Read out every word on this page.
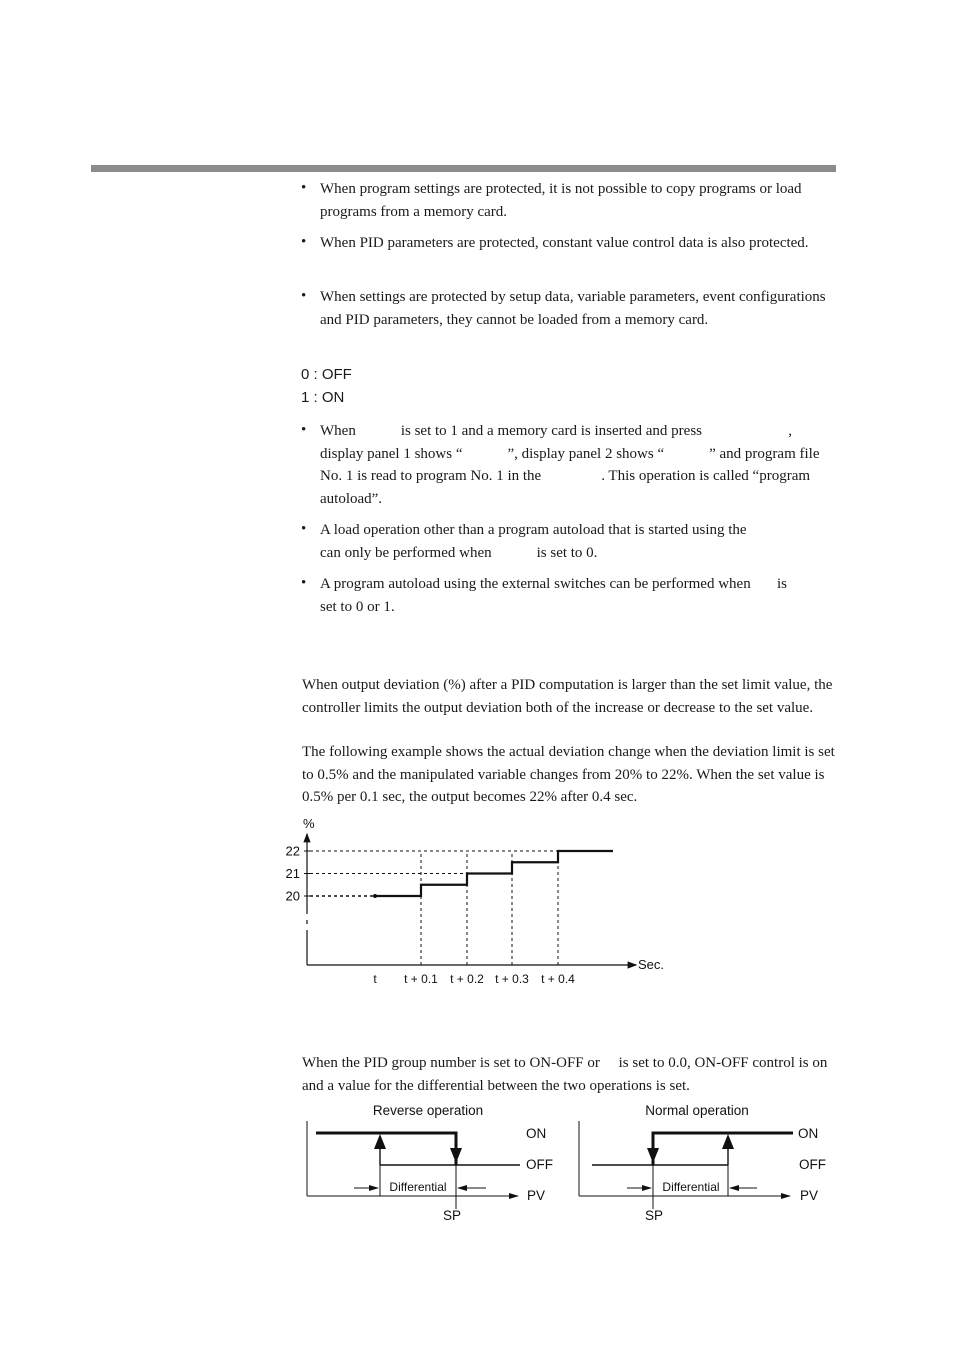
• When program settings are protected, it is not possible to copy programs or load programs from a memory card.
• When PID parameters are protected, constant value control data is also protected.
• When settings are protected by setup data, variable parameters, event configurations and PID parameters, they cannot be loaded from a memory card.
0 : OFF
1 : ON
• When            is set to 1 and a memory card is inserted and press                       , display panel 1 shows “            ”, display panel 2 shows “            ” and program file No. 1 is read to program No. 1 in the                . This operation is called “program autoload”.
• A load operation other than a program autoload that is started using the         can only be performed when            is set to 0.
• A program autoload using the external switches can be performed when       is set to 0 or 1.
When output deviation (%) after a PID computation is larger than the set limit value, the controller limits the output deviation both of the increase or decrease to the set value.
The following example shows the actual deviation change when the deviation limit is set to 0.5% and the manipulated variable changes from 20% to 22%. When the set value is 0.5% per 0.1 sec, the output becomes 22% after 0.4 sec.
%
Sec.
20
21
22
t t + 0.1 t + 0.2 t + 0.3 t + 0.4
When the PID group number is set to ON-OFF or     is set to 0.0, ON-OFF control is on and a value for the differential between the two operations is set.
Reverse operation
Differential
ON
OFF
PV
SP
Normal operation
Differential
ON
OFF
PV
SP
